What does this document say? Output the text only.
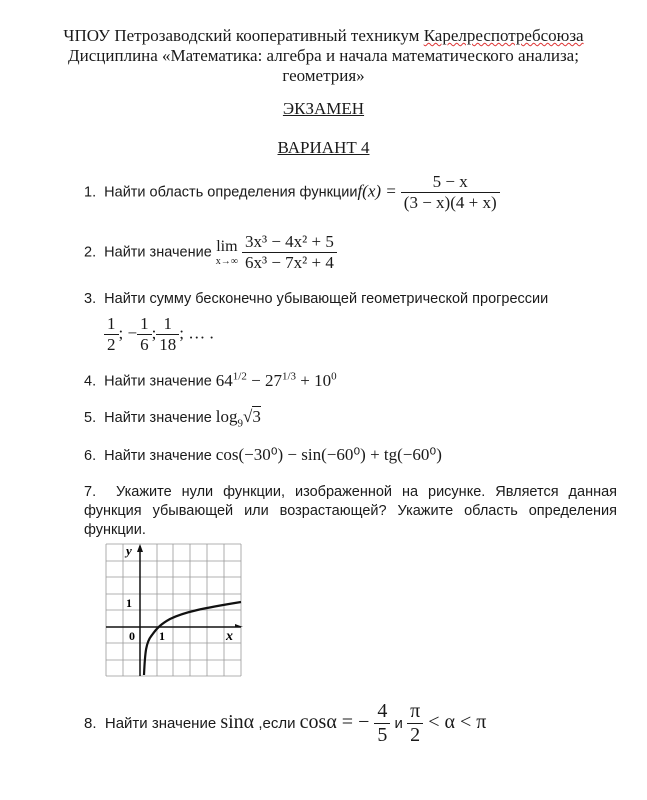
ЧПОУ Петрозаводский кооперативный техникум Карелреспотребсоюза
Дисциплина «Математика: алгебра и начала математического анализа;
геометрия»
ЭКЗАМЕН
ВАРИАНТ 4
1. Найти область определения функцииf(x) = $\frac{5 - x}{(3 - x)(4 + x)}$
2. Найти значение lim
x→∞
$\frac{\text{3x³ − 4x² + 5}}{\text{6x³ − 7x² + 4}}$
3. Найти сумму бесконечно убывающей геометрической прогрессии
$\frac{1}{2}$ ; − $\frac{1}{6}$ ; $\frac{1}{18}$ ; … .
4. Найти значение $64^{1/2} - 27^{1/3} + 10^0$
5. Найти значение $\log_9√3$
6. Найти значение cos(−30⁰) − sin(−60⁰) + tg(−60⁰)
7. Укажите нули функции, изображенной на рисунке. Является данная функция убывающей или возрастающей? Укажите область определения функции.
y
x
0 1
1
8. Найти значение sinα ,если cosα = − $\frac{4}{5}$ и $\frac{\pi}{2} < \alpha < \pi$
